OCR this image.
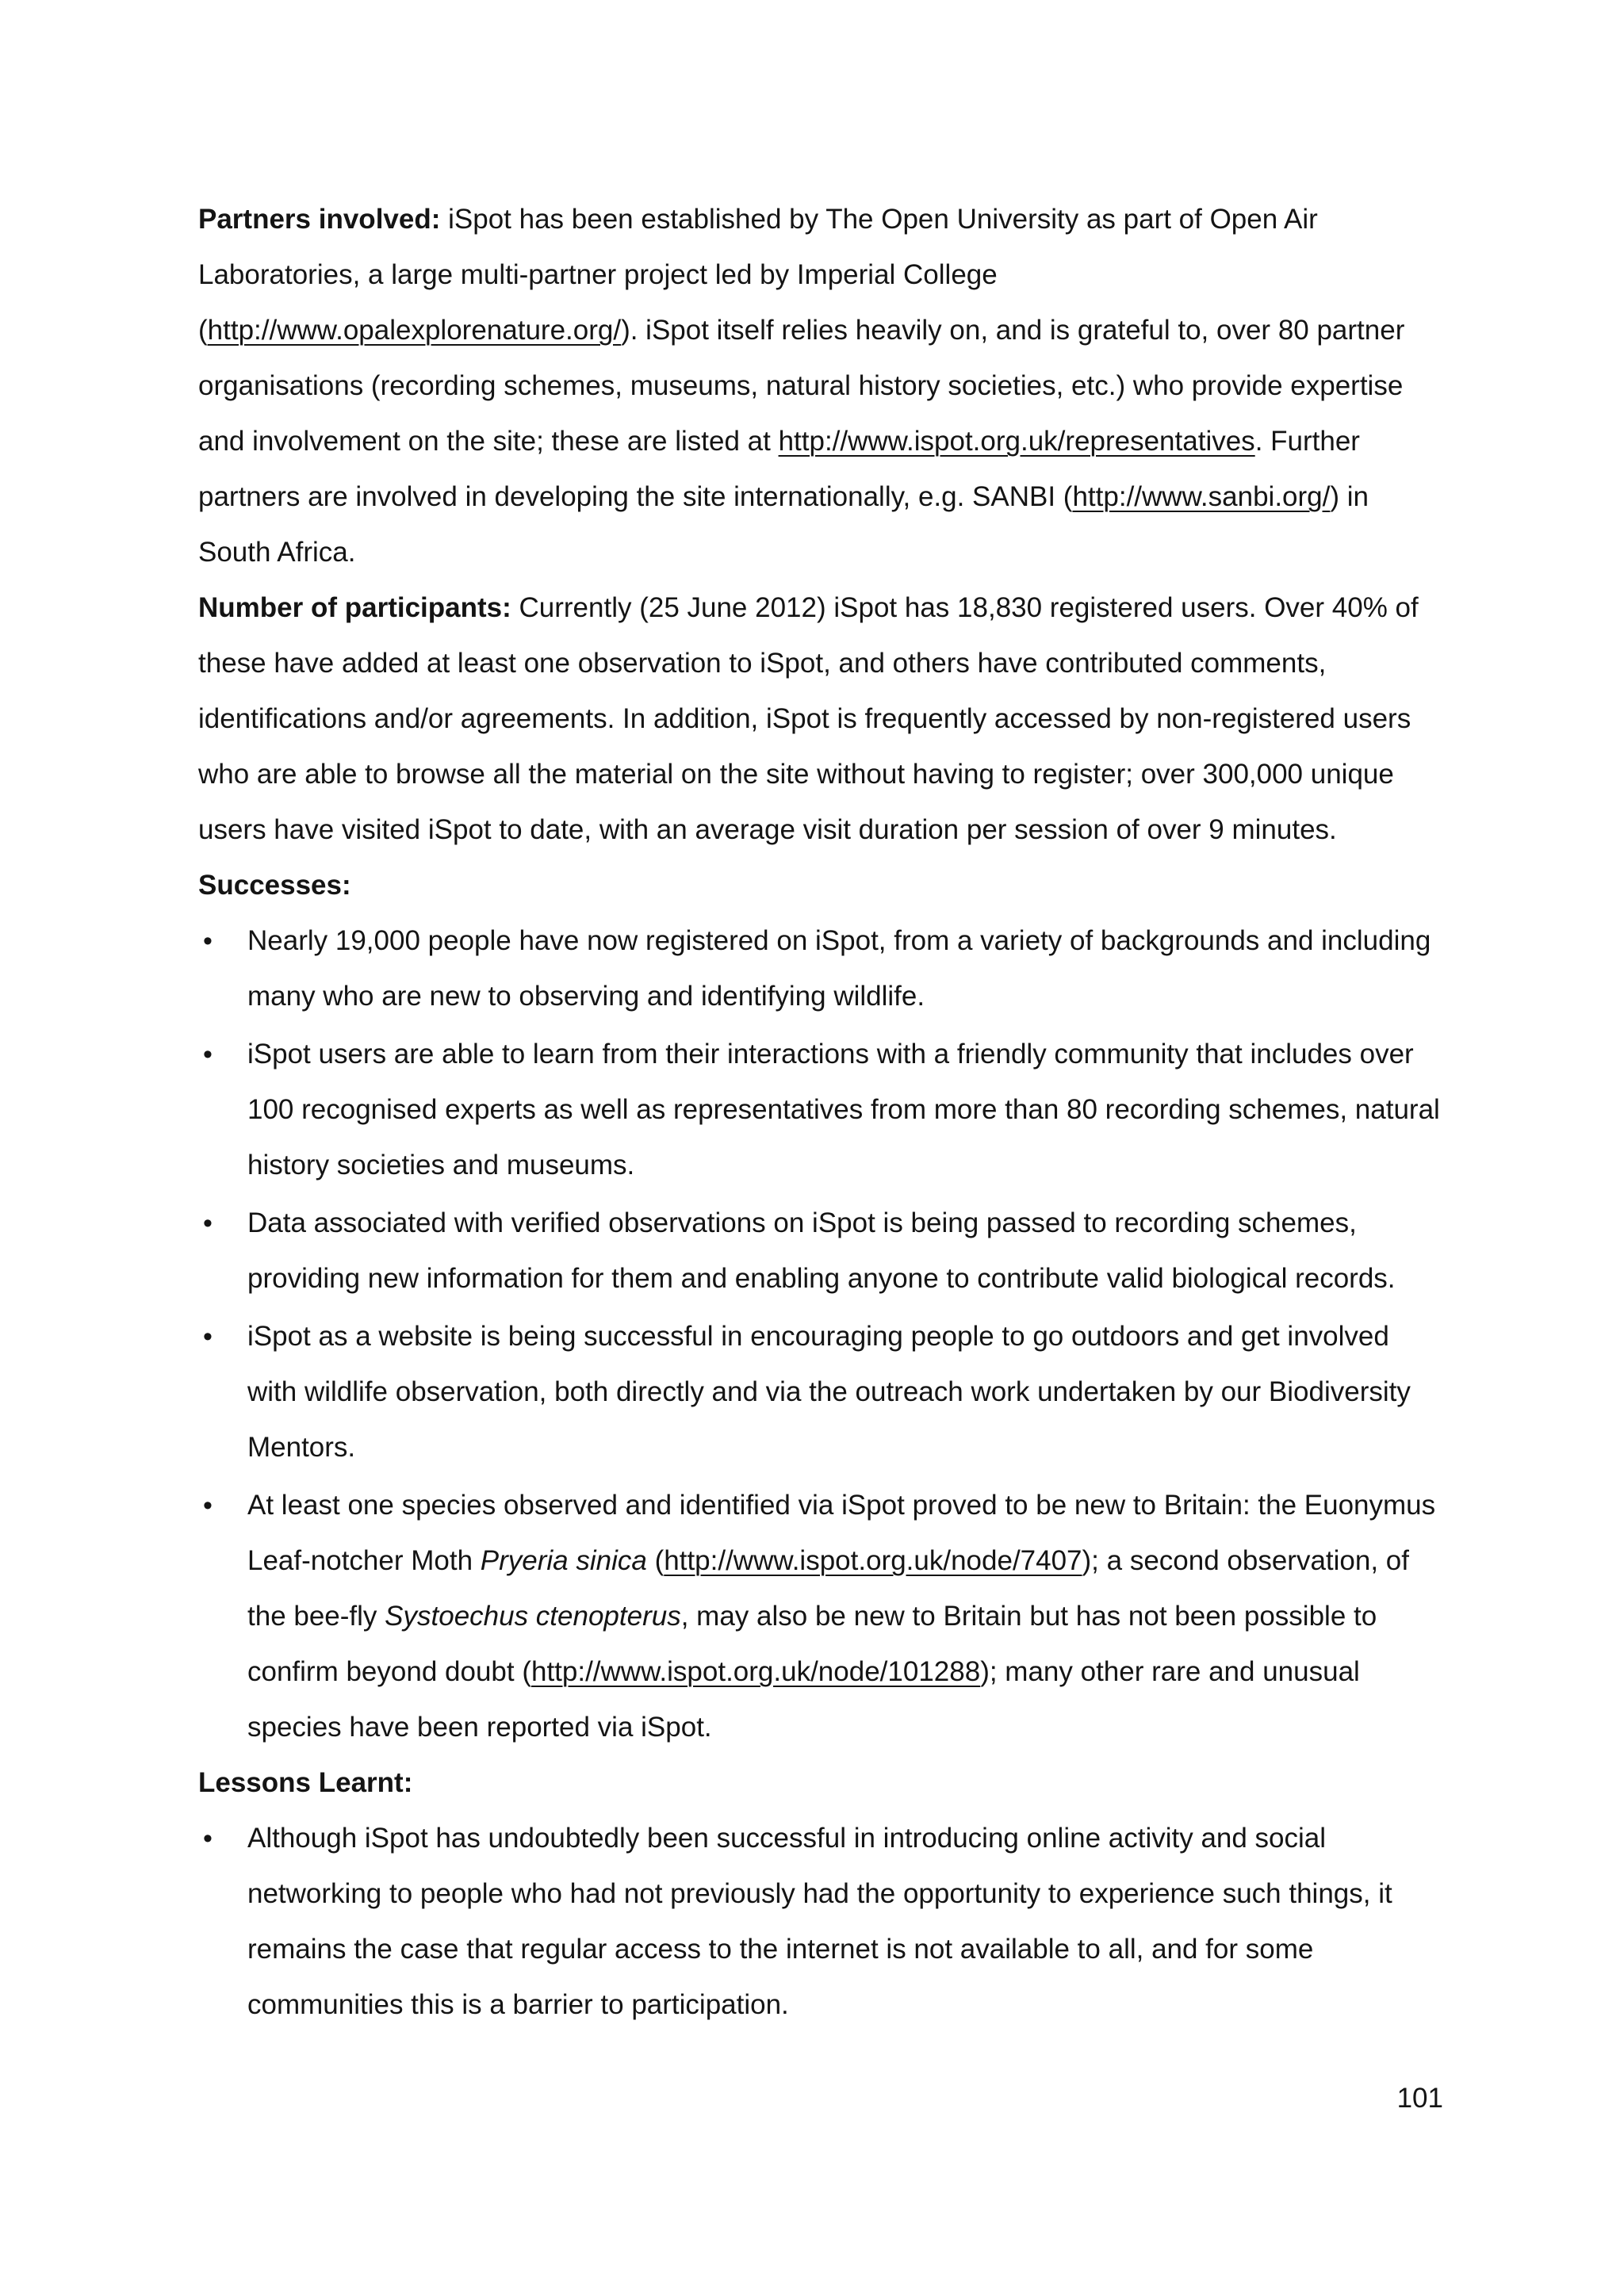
Partners involved: iSpot has been established by The Open University as part of Open Air Laboratories, a large multi-partner project led by Imperial College (http://www.opalexplorenature.org/). iSpot itself relies heavily on, and is grateful to, over 80 partner organisations (recording schemes, museums, natural history societies, etc.) who provide expertise and involvement on the site; these are listed at http://www.ispot.org.uk/representatives. Further partners are involved in developing the site internationally, e.g. SANBI (http://www.sanbi.org/) in South Africa.

Number of participants: Currently (25 June 2012) iSpot has 18,830 registered users. Over 40% of these have added at least one observation to iSpot, and others have contributed comments, identifications and/or agreements. In addition, iSpot is frequently accessed by non-registered users who are able to browse all the material on the site without having to register; over 300,000 unique users have visited iSpot to date, with an average visit duration per session of over 9 minutes.

Successes:

• Nearly 19,000 people have now registered on iSpot, from a variety of backgrounds and including many who are new to observing and identifying wildlife.
• iSpot users are able to learn from their interactions with a friendly community that includes over 100 recognised experts as well as representatives from more than 80 recording schemes, natural history societies and museums.
• Data associated with verified observations on iSpot is being passed to recording schemes, providing new information for them and enabling anyone to contribute valid biological records.
• iSpot as a website is being successful in encouraging people to go outdoors and get involved with wildlife observation, both directly and via the outreach work undertaken by our Biodiversity Mentors.
• At least one species observed and identified via iSpot proved to be new to Britain: the Euonymus Leaf-notcher Moth Pryeria sinica (http://www.ispot.org.uk/node/7407); a second observation, of the bee-fly Systoechus ctenopterus, may also be new to Britain but has not been possible to confirm beyond doubt (http://www.ispot.org.uk/node/101288); many other rare and unusual species have been reported via iSpot.

Lessons Learnt:

• Although iSpot has undoubtedly been successful in introducing online activity and social networking to people who had not previously had the opportunity to experience such things, it remains the case that regular access to the internet is not available to all, and for some communities this is a barrier to participation.
101
